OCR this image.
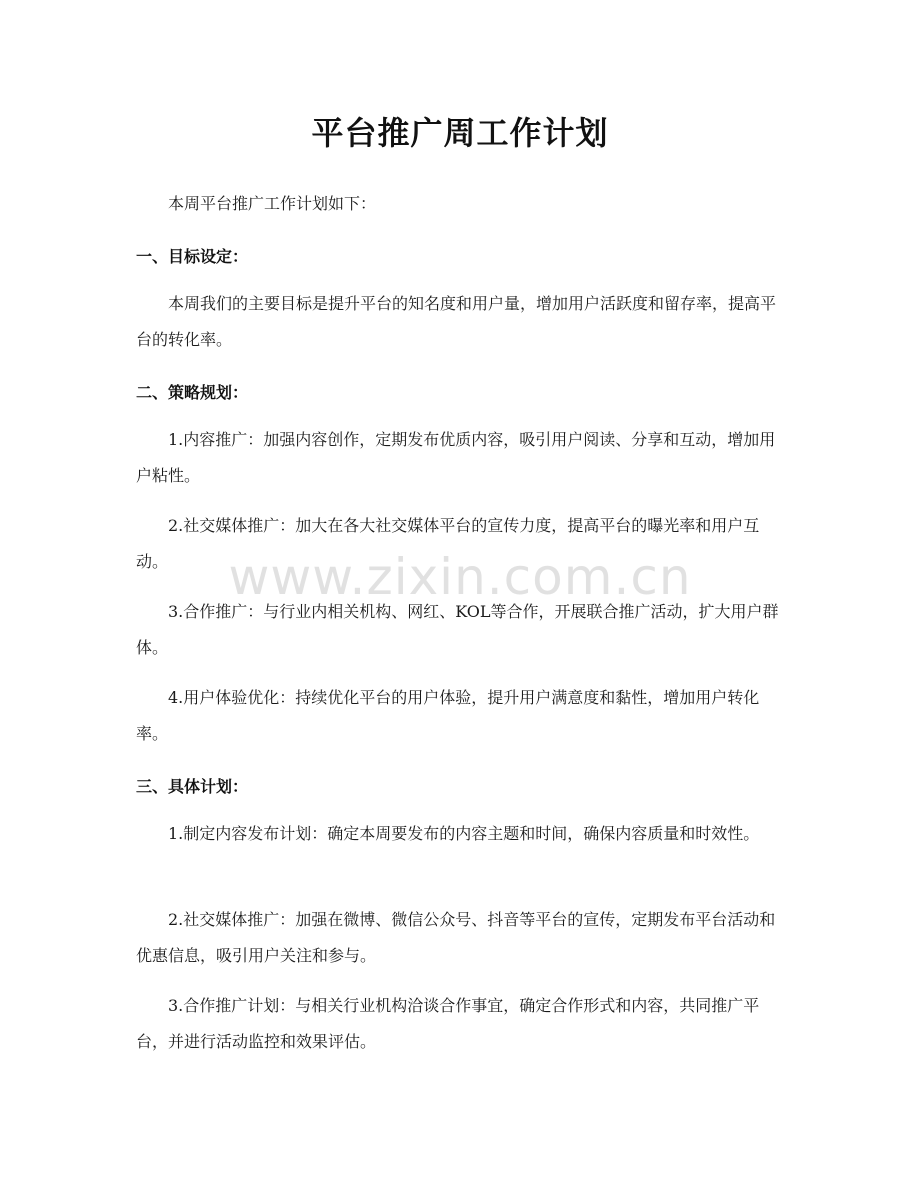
平台推广周工作计划

本周平台推广工作计划如下：

一、目标设定：

本周我们的主要目标是提升平台的知名度和用户量，增加用户活跃度和留存率，提高平台的转化率。

二、策略规划：

1.内容推广：加强内容创作，定期发布优质内容，吸引用户阅读、分享和互动，增加用户粘性。

2.社交媒体推广：加大在各大社交媒体平台的宣传力度，提高平台的曝光率和用户互动。

3.合作推广：与行业内相关机构、网红、KOL等合作，开展联合推广活动，扩大用户群体。

4.用户体验优化：持续优化平台的用户体验，提升用户满意度和黏性，增加用户转化率。

三、具体计划：

1.制定内容发布计划：确定本周要发布的内容主题和时间，确保内容质量和时效性。

2.社交媒体推广：加强在微博、微信公众号、抖音等平台的宣传，定期发布平台活动和优惠信息，吸引用户关注和参与。

3.合作推广计划：与相关行业机构洽谈合作事宜，确定合作形式和内容，共同推广平台，并进行活动监控和效果评估。

www.zixin.com.cn
